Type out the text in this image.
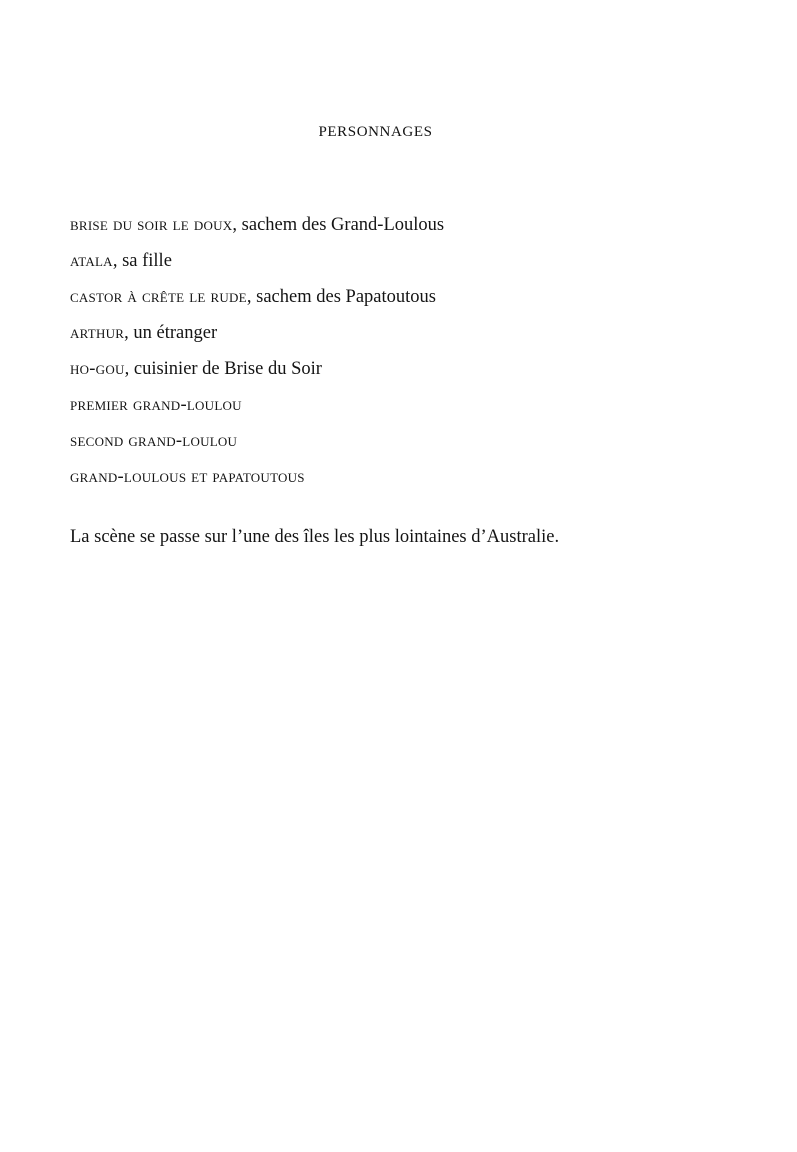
personnages
brise du soir le doux, sachem des Grand-Loulous
atala, sa fille
castor à crête le rude, sachem des Papatoutous
arthur, un étranger
ho-gou, cuisinier de Brise du Soir
premier grand-loulou
second grand-loulou
grand-loulous et papatoutous
La scène se passe sur l’une des îles les plus lointaines d’Australie.
